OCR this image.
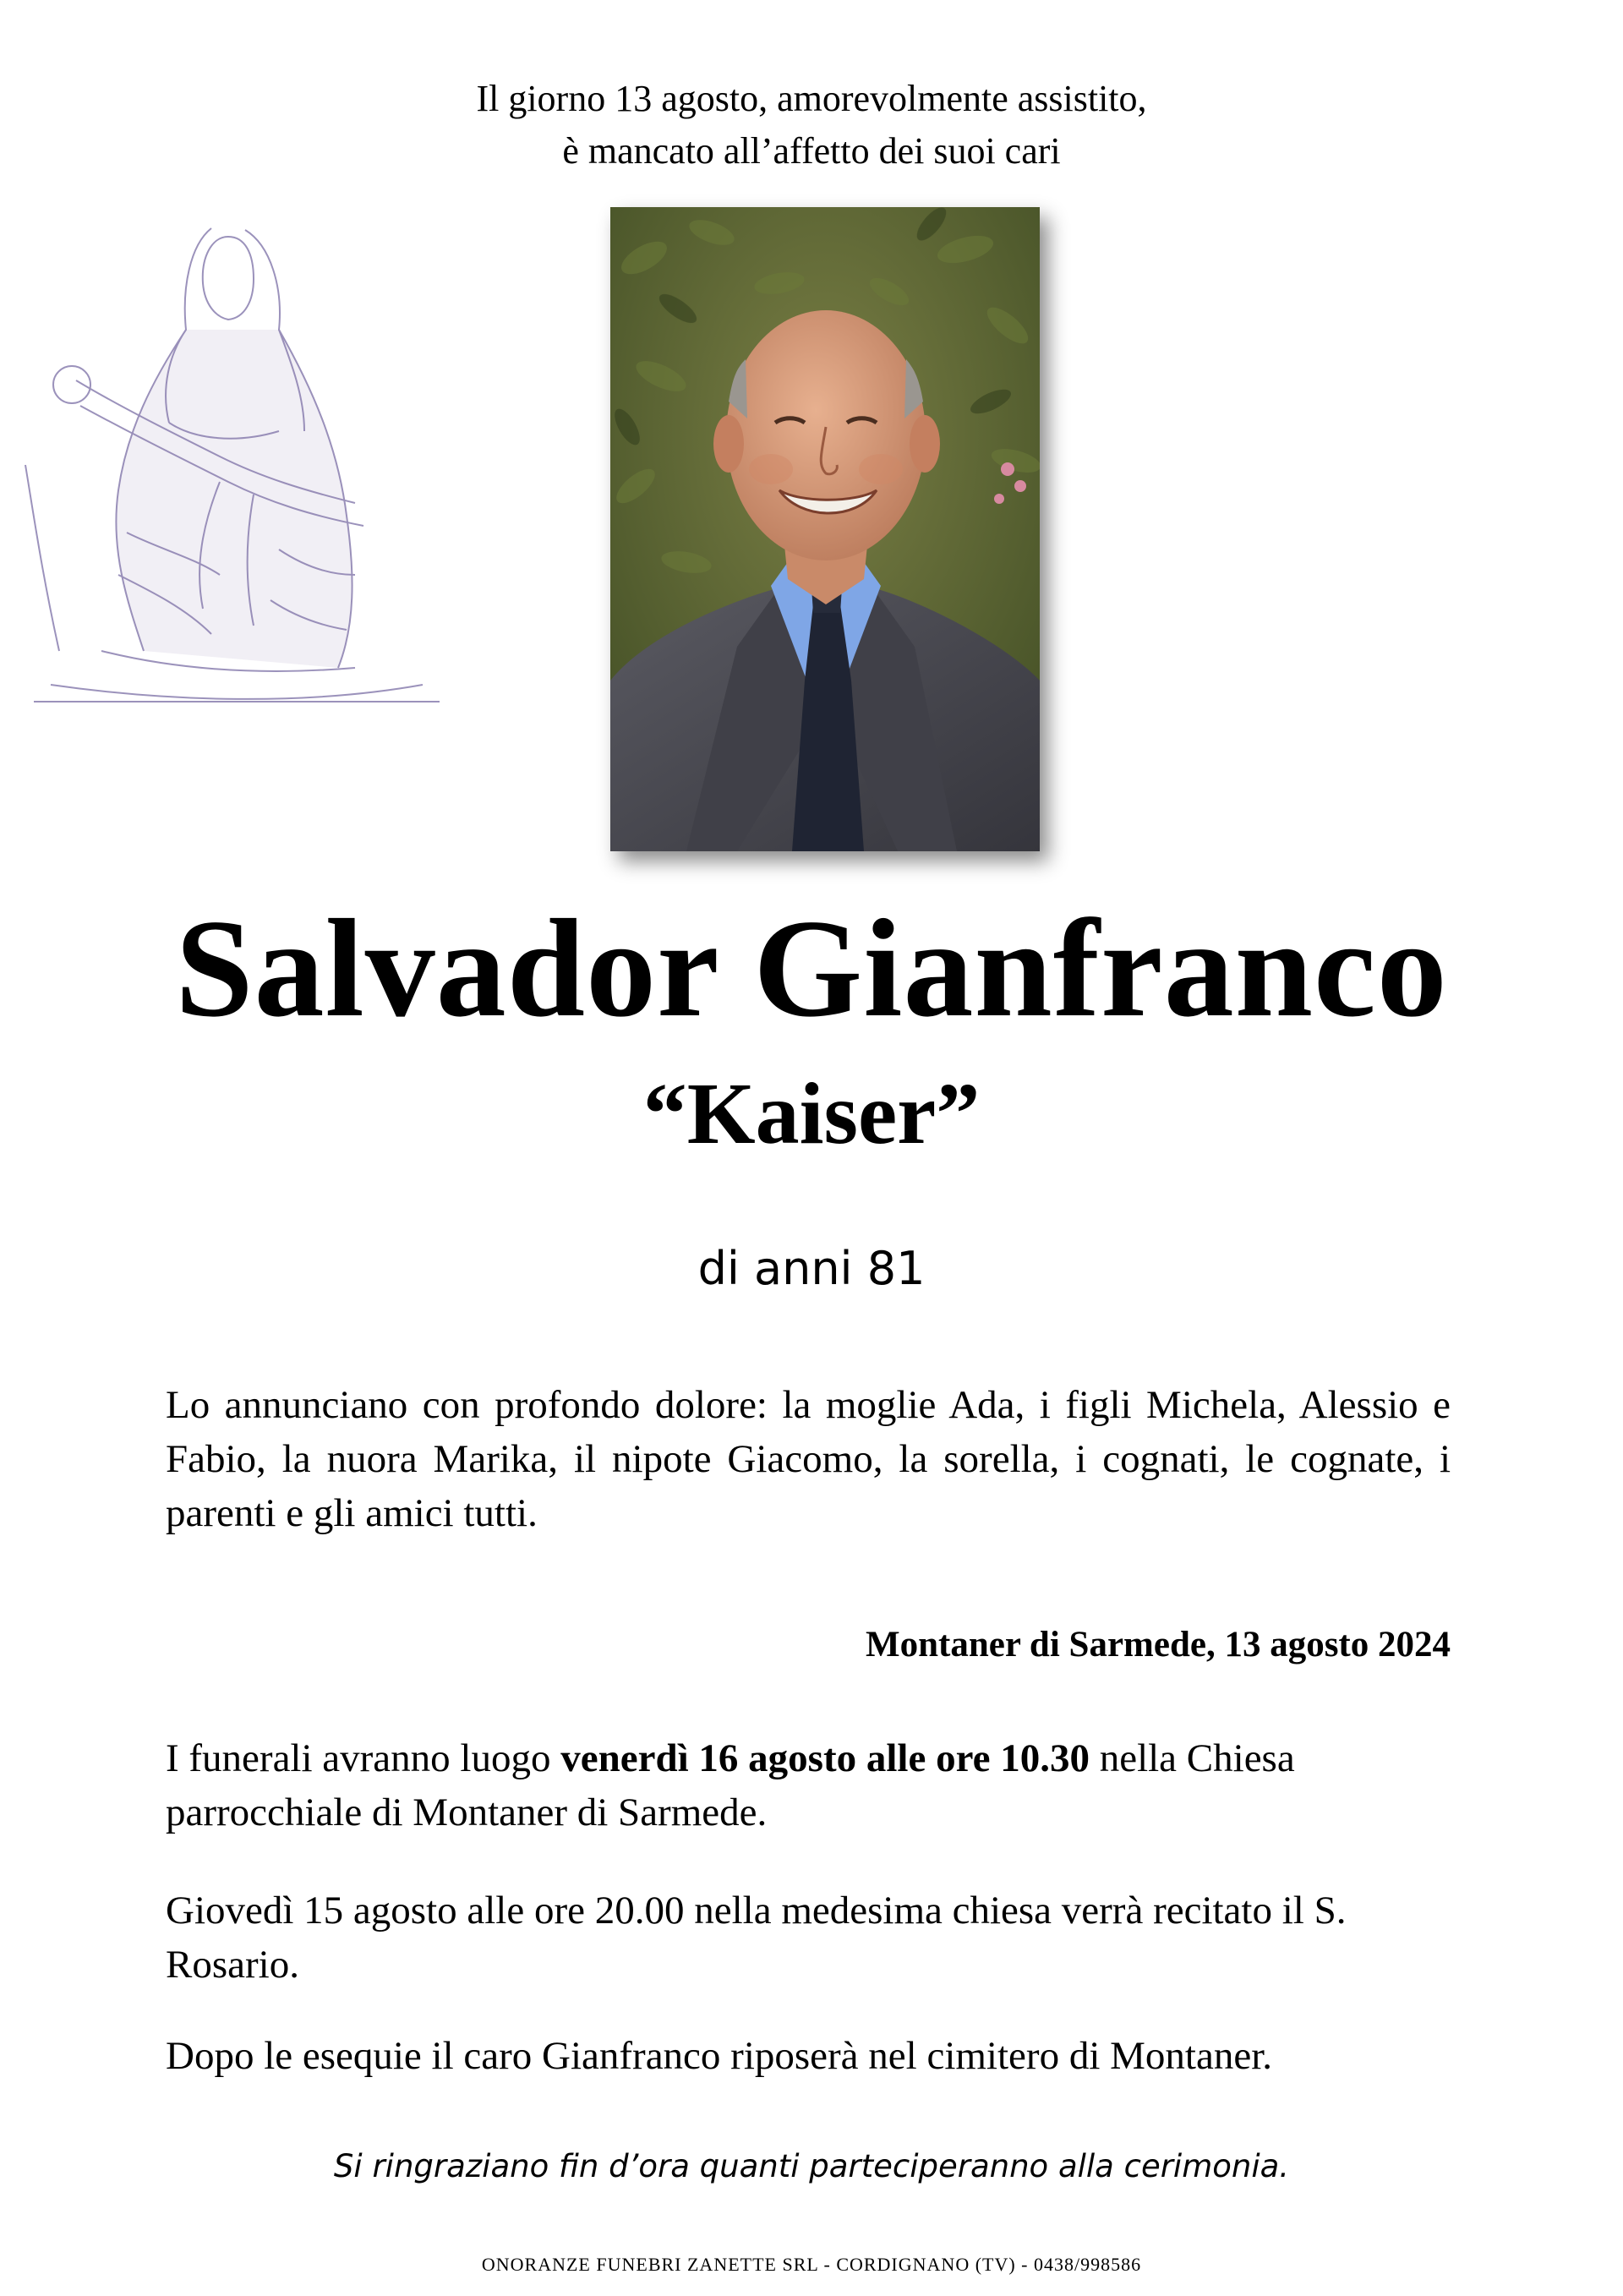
Il giorno 13 agosto, amorevolmente assistito,
è mancato all’affetto dei suoi cari
Salvador Gianfranco
“Kaiser”
di anni 81
Lo annunciano con profondo dolore: la moglie Ada, i figli Michela, Alessio e Fabio, la nuora Marika, il nipote Giacomo, la sorella, i cognati, le cognate, i parenti e gli amici tutti.
Montaner di Sarmede, 13 agosto 2024
I funerali avranno luogo venerdì 16 agosto alle ore 10.30 nella Chiesa parrocchiale di Montaner di Sarmede.
Giovedì 15 agosto alle ore 20.00 nella medesima chiesa verrà recitato il S. Rosario.
Dopo le esequie il caro Gianfranco riposerà nel cimitero di Montaner.
Si ringraziano fin d’ora quanti parteciperanno alla cerimonia.
ONORANZE FUNEBRI ZANETTE SRL - CORDIGNANO (TV) - 0438/998586
